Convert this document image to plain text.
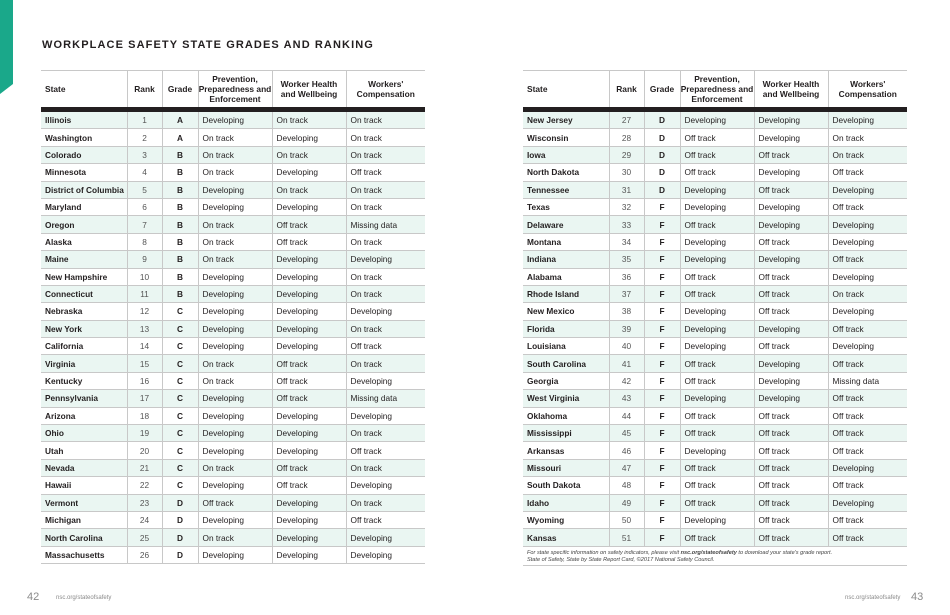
WORKPLACE SAFETY STATE GRADES AND RANKING
State	Rank	Grade	Prevention, Preparedness and Enforcement	Worker Health and Wellbeing	Workers' Compensation

Illinois	1	A	Developing	On track	On track
Washington	2	A	On track	Developing	On track
Colorado	3	B	On track	On track	On track
Minnesota	4	B	On track	Developing	Off track
District of Columbia	5	B	Developing	On track	On track
Maryland	6	B	Developing	Developing	On track
Oregon	7	B	On track	Off track	Missing data
Alaska	8	B	On track	Off track	On track
Maine	9	B	On track	Developing	Developing
New Hampshire	10	B	Developing	Developing	On track
Connecticut	11	B	Developing	Developing	On track
Nebraska	12	C	Developing	Developing	Developing
New York	13	C	Developing	Developing	On track
California	14	C	Developing	Developing	Off track
Virginia	15	C	On track	Off track	On track
Kentucky	16	C	On track	Off track	Developing
Pennsylvania	17	C	Developing	Off track	Missing data
Arizona	18	C	Developing	Developing	Developing
Ohio	19	C	Developing	Developing	On track
Utah	20	C	Developing	Developing	Off track
Nevada	21	C	On track	Off track	On track
Hawaii	22	C	Developing	Off track	Developing
Vermont	23	D	Off track	Developing	On track
Michigan	24	D	Developing	Developing	Off track
North Carolina	25	D	On track	Developing	Developing
Massachusetts	26	D	Developing	Developing	Developing
State	Rank	Grade	Prevention, Preparedness and Enforcement	Worker Health and Wellbeing	Workers' Compensation

New Jersey	27	D	Developing	Developing	Developing
Wisconsin	28	D	Off track	Developing	On track
Iowa	29	D	Off track	Off track	On track
North Dakota	30	D	Off track	Developing	Off track
Tennessee	31	D	Developing	Off track	Developing
Texas	32	F	Developing	Developing	Off track
Delaware	33	F	Off track	Developing	Developing
Montana	34	F	Developing	Off track	Developing
Indiana	35	F	Developing	Developing	Off track
Alabama	36	F	Off track	Off track	Developing
Rhode Island	37	F	Off track	Off track	On track
New Mexico	38	F	Developing	Off track	Developing
Florida	39	F	Developing	Developing	Off track
Louisiana	40	F	Developing	Off track	Developing
South Carolina	41	F	Off track	Developing	Off track
Georgia	42	F	Off track	Developing	Missing data
West Virginia	43	F	Developing	Developing	Off track
Oklahoma	44	F	Off track	Off track	Off track
Mississippi	45	F	Off track	Off track	Off track
Arkansas	46	F	Developing	Off track	Off track
Missouri	47	F	Off track	Off track	Developing
South Dakota	48	F	Off track	Off track	Off track
Idaho	49	F	Off track	Off track	Developing
Wyoming	50	F	Developing	Off track	Off track
Kansas	51	F	Off track	Off track	Off track
For state specific information on safety indicators, please visit nsc.org/stateofsafety to download your state's grade report.
State of Safety, State by State Report Card, ©2017 National Safety Council.
42	nsc.org/stateofsafety	nsc.org/stateofsafety 43
